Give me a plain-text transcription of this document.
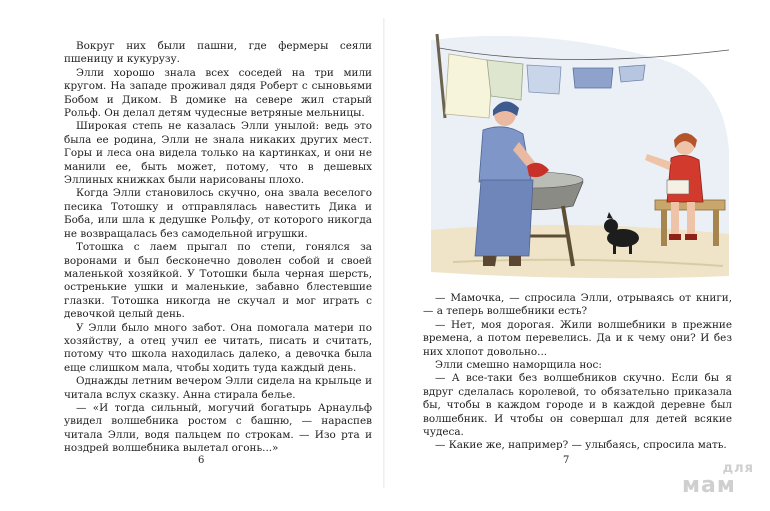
Вокруг них были пашни, где фермеры сеяли пшеницу и кукурузу.

Элли хорошо знала всех соседей на три мили кругом. На западе проживал дядя Роберт с сыновьями Бобом и Диком. В домике на севере жил старый Рольф. Он делал детям чудесные ветряные мельницы.

Широкая степь не казалась Элли унылой: ведь это была ее родина, Элли не знала никаких других мест. Горы и леса она видела только на картинках, и они не манили ее, быть может, потому, что в дешевых Эллиных книжках были нарисованы плохо.

Когда Элли становилось скучно, она звала веселого песика Тотошку и отправлялась навестить Дика и Боба, или шла к дедушке Рольфу, от которого никогда не возвращалась без самодельной игрушки.

Тотошка с лаем прыгал по степи, гонялся за воронами и был бесконечно доволен собой и своей маленькой хозяйкой. У Тотошки была черная шерсть, остренькие ушки и маленькие, забавно блестевшие глазки. Тотошка никогда не скучал и мог играть с девочкой целый день.

У Элли было много забот. Она помогала матери по хозяйству, а отец учил ее читать, писать и считать, потому что школа находилась далеко, а девочка была еще слишком мала, чтобы ходить туда каждый день.

Однажды летним вечером Элли сидела на крыльце и читала вслух сказку. Анна стирала белье.

— «И тогда сильный, могучий богатырь Арнаульф увидел волшебника ростом с башню, — нараспев читала Элли, водя пальцем по строкам. — Изо рта и ноздрей волшебника вылетал огонь...»

6

— Мамочка, — спросила Элли, отрываясь от книги, — а теперь волшебники есть?

— Нет, моя дорогая. Жили волшебники в прежние времена, а потом перевелись. Да и к чему они? И без них хлопот довольно...

Элли смешно наморщила нос:

— А все-таки без волшебников скучно. Если бы я вдруг сделалась королевой, то обязательно приказала бы, чтобы в каждом городе и в каждой деревне был волшебник. И чтобы он совершал для детей всякие чудеса.

— Какие же, например? — улыбаясь, спросила мать.

7
для
мам
